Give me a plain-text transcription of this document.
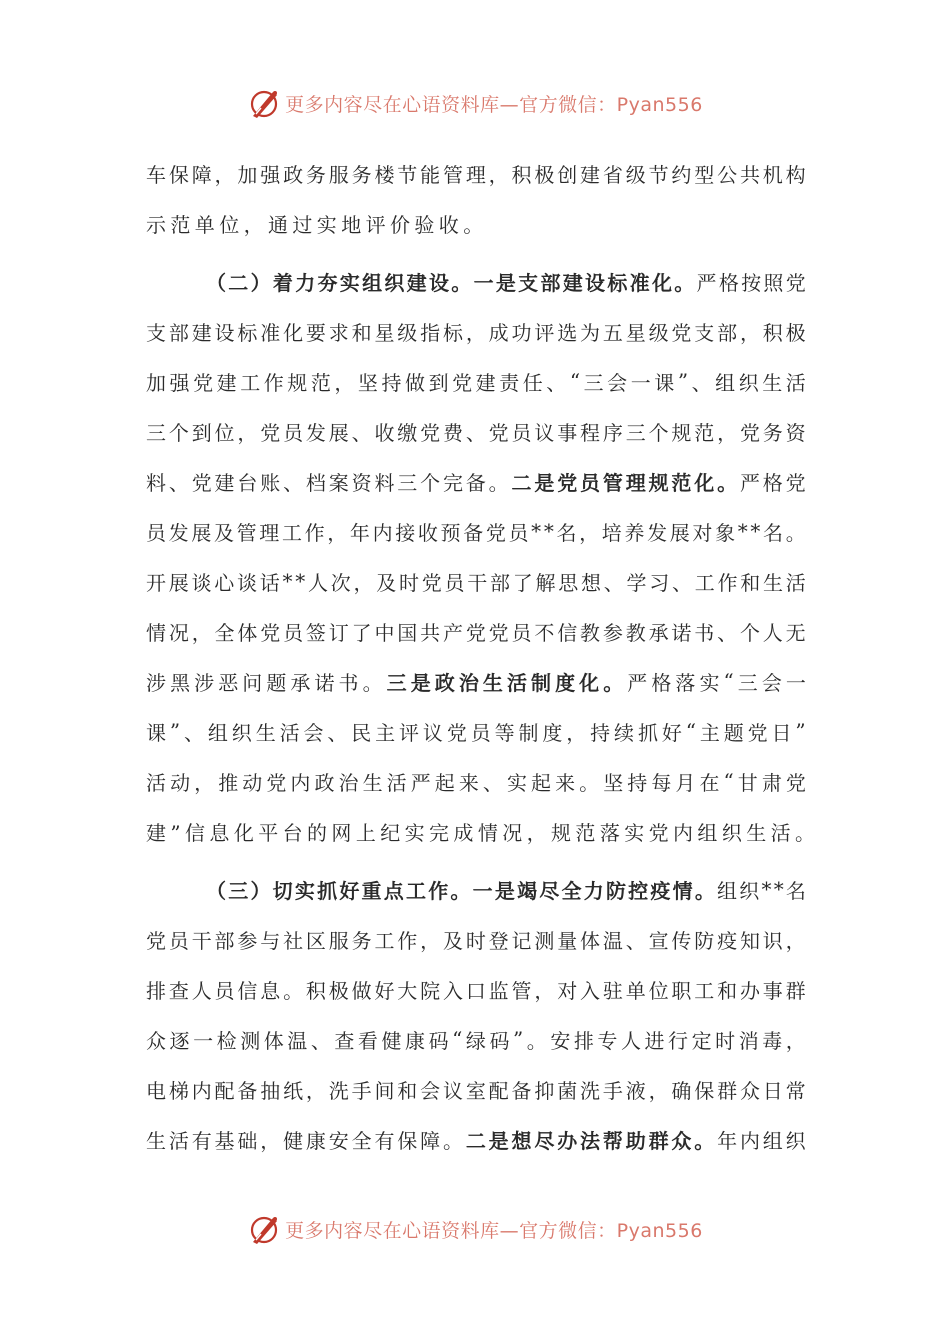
更多内容尽在心语资料库—官方微信：Pyan556
车 保 障 ， 加 强 政 务 服 务 楼 节 能 管 理 ， 积 极 创 建 省 级 节 约 型 公 共 机 构
示范单位，通过实地评价验收。
（ 二 ） 着 力 夯 实 组 织 建 设 。 一 是 支 部 建 设 标 准 化 。 严 格 按 照 党
支 部 建 设 标 准 化 要 求 和 星 级 指 标 ， 成 功 评 选 为 五 星 级 党 支 部 ， 积 极
加 强 党 建 工 作 规 范 ， 坚 持 做 到 党 建 责 任 、 “ 三 会 一 课 ” 、 组 织 生 活
三 个 到 位 ， 党 员 发 展 、 收 缴 党 费 、 党 员 议 事 程 序 三 个 规 范 ， 党 务 资
料 、 党 建 台 账 、 档 案 资 料 三 个 完 备 。 二 是 党 员 管 理 规 范 化 。 严 格 党
员 发 展 及 管 理 工 作 ， 年 内 接 收 预 备 党 员 * * 名 ， 培 养 发 展 对 象 * * 名 。
开 展 谈 心 谈 话 * * 人 次 ， 及 时 党 员 干 部 了 解 思 想 、 学 习 、 工 作 和 生 活
情 况 ， 全 体 党 员 签 订 了 中 国 共 产 党 党 员 不 信 教 参 教 承 诺 书 、 个 人 无
涉 黑 涉 恶 问 题 承 诺 书 。 三 是 政 治 生 活 制 度 化 。 严 格 落 实 “ 三 会 一
课 ” 、 组 织 生 活 会 、 民 主 评 议 党 员 等 制 度 ， 持 续 抓 好 “ 主 题 党 日 ”
活 动 ， 推 动 党 内 政 治 生 活 严 起 来 、 实 起 来 。 坚 持 每 月 在 “ 甘 肃 党
建”信息化平台的网上纪实完成情况，规范落实党内组织生活。
（ 三 ） 切 实 抓 好 重 点 工 作 。 一 是 竭 尽 全 力 防 控 疫 情 。 组 织 * * 名
党 员 干 部 参 与 社 区 服 务 工 作 ， 及 时 登 记 测 量 体 温 、 宣 传 防 疫 知 识 ，
排 查 人 员 信 息 。 积 极 做 好 大 院 入 口 监 管 ， 对 入 驻 单 位 职 工 和 办 事 群
众 逐 一 检 测 体 温 、 查 看 健 康 码 “ 绿 码 ” 。 安 排 专 人 进 行 定 时 消 毒 ，
电 梯 内 配 备 抽 纸 ， 洗 手 间 和 会 议 室 配 备 抑 菌 洗 手 液 ， 确 保 群 众 日 常
生 活 有 基 础 ， 健 康 安 全 有 保 障 。 二 是 想 尽 办 法 帮 助 群 众 。 年 内 组 织
更多内容尽在心语资料库—官方微信：Pyan556
